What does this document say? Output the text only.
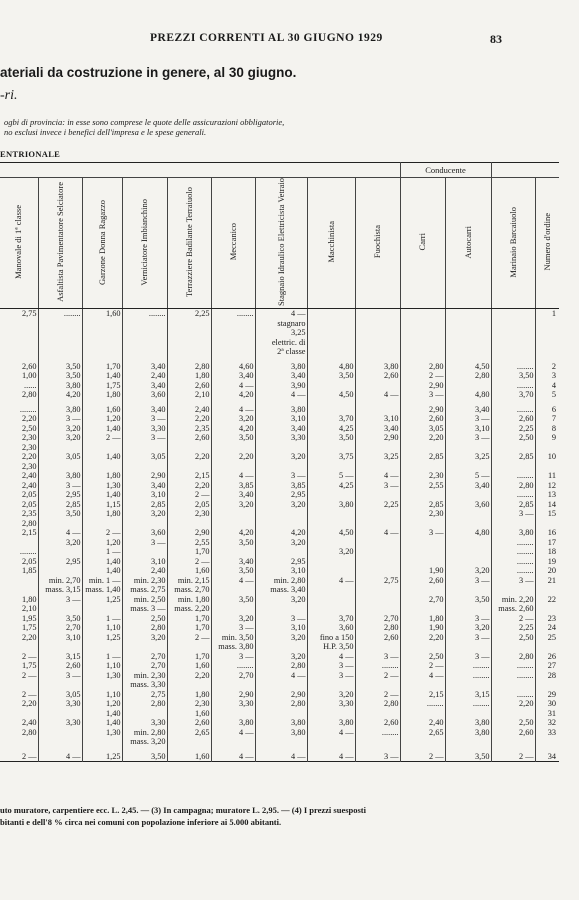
PREZZI CORRENTI AL 30 GIUGNO 1929	83
ateriali da costruzione in genere, al 30 giugno.
-ri.
ogbi di provincia: in esse sono comprese le quote delle assicurazioni obbligatorie,
no esclusi invece i benefici dell'impresa e le spese generali.
ENTRIONALE
									Conducente			
Manovale di 1ª classe	Asfaltista Pavimentatore Selciatore	Garzone Donna Ragazzo	Verniciatore Imbianchino	Terrazziere Badilante Terraiuolo	Meccanico	Stagnaio Idraulico Elettricista Vetraio	Macchinista	Fuochista	Carri	Autocarri	Marinaio Barcaiuolo	Numero d'ordine
2,75	........	1,60	........	2,25	........	4 —						1
						stagnaro						
						3,25						
						elettric. di						
						2ª classe						

2,60	3,50	1,70	3,40	2,80	4,60	3,80	4,80	3,80	2,80	4,50	........	2
1,00	3,50	1,40	2,40	1,80	3,40	3,40	3,50	2,60	2 —	2,80	3,50	3
......	3,80	1,75	3,40	2,60	4 —	3,90			2,90		........	4
2,80	4,20	1,80	3,60	2,10	4,20	4 —	4,50	4 —	3 —	4,80	3,70	5

........	3,80	1,60	3,40	2,40	4 —	3,80			2,90	3,40	........	6
2,20	3 —	1,20	3 —	2,20	3,20	3,10	3,70	3,10	2,60	3 —	2,60	7
2,50	3,20	1,40	3,30	2,35	4,20	3,40	4,25	3,40	3,05	3,10	2,25	8
2,30	3,20	2 —	3 —	2,60	3,50	3,30	3,50	2,90	2,20	3 —	2,50	9
2,30												
2,20	3,05	1,40	3,05	2,20	2,20	3,20	3,75	3,25	2,85	3,25	2,85	10
2,30												
2,40	3,80	1,80	2,90	2,15	4 —	3 —	5 —	4 —	2,30	5 —	........	11
2,40	3 —	1,30	3,40	2,20	3,85	3,85	4,25	3 —	2,55	3,40	2,80	12
2,05	2,95	1,40	3,10	2 —	3,40	2,95					........	13
2,05	2,85	1,15	2,85	2,05	3,20	3,20	3,80	2,25	2,85	3,60	2,85	14
2,35	3,50	1,80	3,20	2,30					2,30		3 —	15
2,80												
2,15	4 —	2 —	3,60	2,90	4,20	4,20	4,50	4 —	3 —	4,80	3,80	16
	3,20	1,20	3 —	2,55	3,50	3,20					........	17
........		1 —		1,70			3,20				........	18
2,05	2,95	1,40	3,10	2 —	3,40	2,95					........	19
1,85		1,40	2,40	1,60	3,50	3,10			1,90	3,20	........	20
	min. 2,70	min. 1 —	min. 2,30	min. 2,15	4 —	min. 2,80	4 —	2,75	2,60	3 —	3 —	21
	mass. 3,15	mass. 1,40	mass. 2,75	mass. 2,70		mass. 3,40						
1,80	3 —	1,25	min. 2,50	min. 1,80	3,50	3,20			2,70	3,50	min. 2,20	22
2,10			mass. 3 —	mass. 2,20							mass. 2,60	
1,95	3,50	1 —	2,50	1,70	3,20	3 —	3,70	2,70	1,80	3 —	2 —	23
1,75	2,70	1,10	2,80	1,70	3 —	3,10	3,60	2,80	1,90	3,20	2,25	24
2,20	3,10	1,25	3,20	2 —	min. 3,50	3,20	fino a 150	2,60	2,20	3 —	2,50	25
					mass. 3,80		H.P. 3,50					
2 —	3,15	1 —	2,70	1,70	3 —	3,20	4 —	3 —	2,50	3 —	2,80	26
1,75	2,60	1,10	2,70	1,60	........	2,80	3 —	........	2 —	........	........	27
2 —	3 —	1,30	min. 2,30	2,20	2,70	4 —	3 —	2 —	4 —	........	........	28
			mass. 3,30									
2 —	3,05	1,10	2,75	1,80	2,90	2,90	3,20	2 —	2,15	3,15	........	29
2,20	3,30	1,20	2,80	2,30	3,30	2,80	3,30	2,80	........	........	2,20	30
		1,40		1,60								31
2,40	3,30	1,40	3,30	2,60	3,80	3,80	3,80	2,60	2,40	3,80	2,50	32
2,80		1,30	min. 2,80	2,65	4 —	3,80	4 —	........	2,65	3,80	2,60	33
			mass. 3,20									

2 —	4 —	1,25	3,50	1,60	4 —	4 —	4 —	3 —	2 —	3,50	2 —	34

uto muratore, carpentiere ecc. L. 2,45. — (3) In campagna; muratore L. 2,95. — (4) I prezzi suesposti
bitanti e dell'8 % circa nei comuni con popolazione inferiore ai 5.000 abitanti.
